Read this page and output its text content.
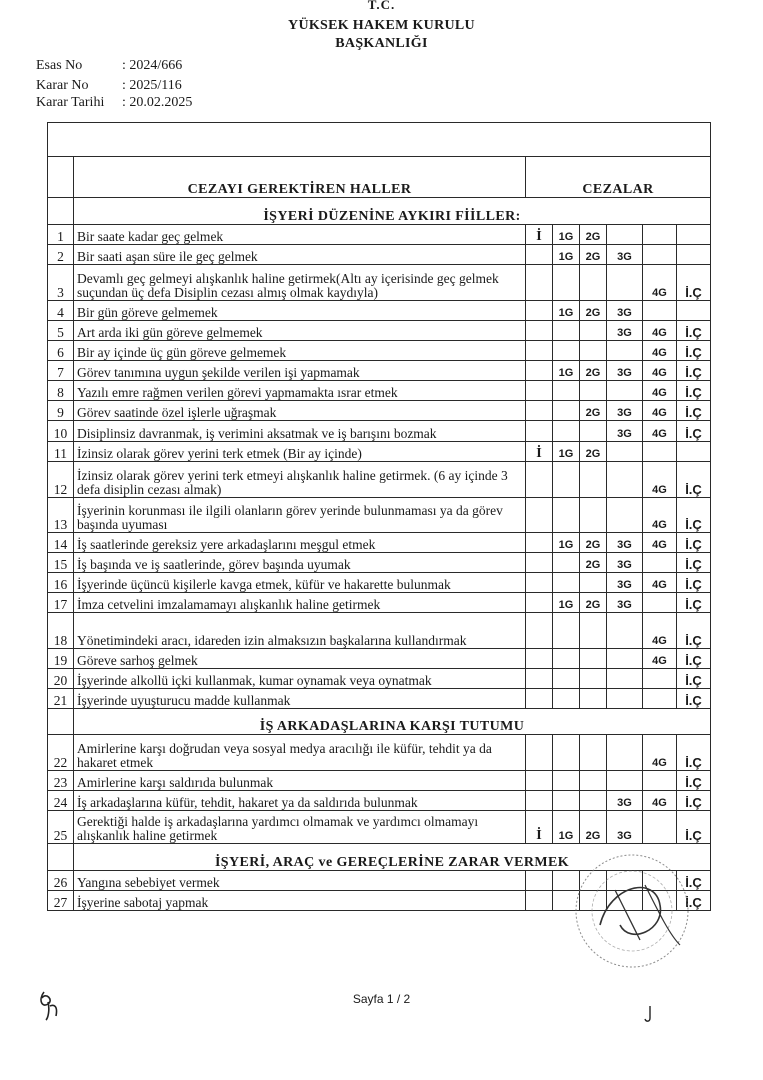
T.C.
YÜKSEK HAKEM KURULU
BAŞKANLIĞI
Esas No	: 2024/666
Karar No : 2025/116
Karar Tarihi : 20.02.2025

	CEZAYI GEREKTİREN HALLER	CEZALAR					
	İŞYERİ DÜZENİNE AYKIRI FİİLLER:						
1	Bir saate kadar geç gelmek	İ	1G	2G			
2	Bir saati aşan süre ile geç gelmek		1G	2G	3G		
3	Devamlı geç gelmeyi alışkanlık haline getirmek(Altı ay içerisinde geç gelmek suçundan üç defa Disiplin cezası almış olmak kaydıyla)					4G	İ.Ç
4	Bir gün göreve gelmemek		1G	2G	3G		
5	Art arda iki gün göreve gelmemek				3G	4G	İ.Ç
6	Bir ay içinde üç gün göreve gelmemek					4G	İ.Ç
7	Görev tanımına uygun şekilde verilen işi yapmamak		1G	2G	3G	4G	İ.Ç
8	Yazılı emre rağmen verilen görevi yapmamakta ısrar etmek					4G	İ.Ç
9	Görev saatinde özel işlerle uğraşmak			2G	3G	4G	İ.Ç
10	Disiplinsiz davranmak, iş verimini aksatmak ve iş barışını bozmak				3G	4G	İ.Ç
11	İzinsiz olarak görev yerini terk etmek (Bir ay içinde)	İ	1G	2G			
12	İzinsiz olarak görev yerini terk etmeyi alışkanlık haline getirmek. (6 ay içinde 3 defa disiplin cezası almak)					4G	İ.Ç
13	İşyerinin korunması ile ilgili olanların görev yerinde bulunmaması ya da görev başında uyuması					4G	İ.Ç
14	İş saatlerinde gereksiz yere arkadaşlarını meşgul etmek		1G	2G	3G	4G	İ.Ç
15	İş başında ve iş saatlerinde, görev başında uyumak			2G	3G		İ.Ç
16	İşyerinde üçüncü kişilerle kavga etmek, küfür ve hakarette bulunmak				3G	4G	İ.Ç
17	İmza cetvelini imzalamamayı alışkanlık haline getirmek		1G	2G	3G		İ.Ç
18	Yönetimindeki aracı, idareden izin almaksızın başkalarına kullandırmak					4G	İ.Ç
19	Göreve sarhoş gelmek					4G	İ.Ç
20	İşyerinde alkollü içki kullanmak, kumar oynamak veya oynatmak						İ.Ç
21	İşyerinde uyuşturucu madde kullanmak						İ.Ç
	İŞ ARKADAŞLARINA KARŞI TUTUMU						
22	Amirlerine karşı doğrudan veya sosyal medya aracılığı ile küfür, tehdit ya da hakaret etmek					4G	İ.Ç
23	Amirlerine karşı saldırıda bulunmak						İ.Ç
24	İş arkadaşlarına küfür, tehdit, hakaret ya da saldırıda bulunmak				3G	4G	İ.Ç
25	Gerektiği halde iş arkadaşlarına yardımcı olmamak ve yardımcı olmamayı alışkanlık haline getirmek	İ	1G	2G	3G		İ.Ç
	İŞYERİ, ARAÇ ve GEREÇLERİNE ZARAR VERMEK						
26	Yangına sebebiyet vermek						İ.Ç
27	İşyerine sabotaj yapmak						İ.Ç
Sayfa 1 / 2
